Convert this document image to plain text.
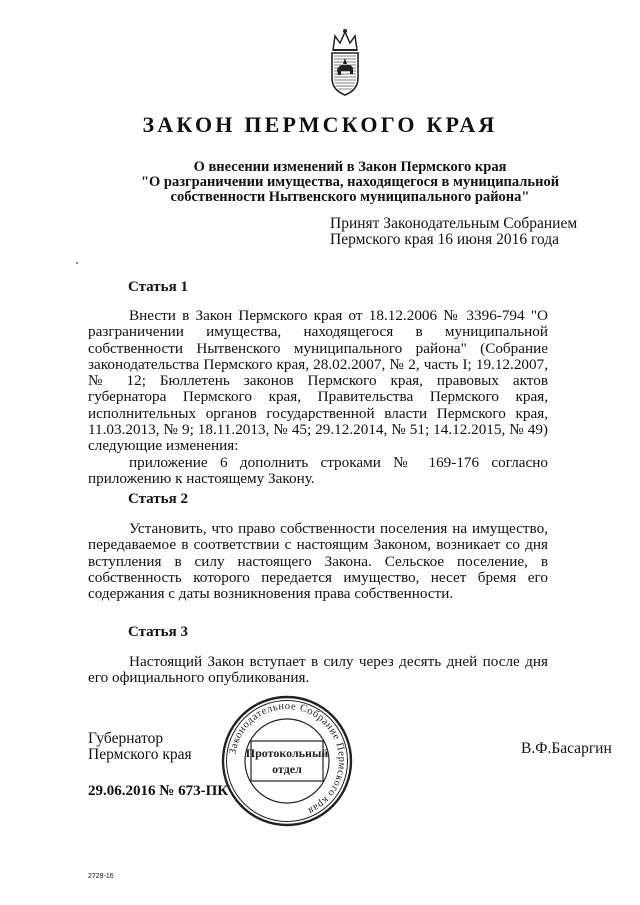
ЗАКОН ПЕРМСКОГО КРАЯ
О внесении изменений в Закон Пермского края
"О разграничении имущества, находящегося в муниципальной
собственности Нытвенского муниципального района"
Принят Законодательным Собранием
Пермского края 16 июня 2016 года
Статья 1

Внести в Закон Пермского края от 18.12.2006 № 3396-794 "О разграничении имущества, находящегося в муниципальной собственности Нытвенского муниципального района" (Собрание законодательства Пермского края, 28.02.2007, № 2, часть I; 19.12.2007, № 12; Бюллетень законов Пермского края, правовых актов губернатора Пермского края, Правительства Пермского края, исполнительных органов государственной власти Пермского края, 11.03.2013, № 9; 18.11.2013, № 45; 29.12.2014, № 51; 14.12.2015, № 49) следующие изменения:

приложение 6 дополнить строками № 169-176 согласно приложению к настоящему Закону.

Статья 2

Установить, что право собственности поселения на имущество, передаваемое в соответствии с настоящим Законом, возникает со дня вступления в силу настоящего Закона. Сельское поселение, в собственность которого передается имущество, несет бремя его содержания с даты возникновения права собственности.

Статья 3

Настоящий Закон вступает в силу через десять дней после дня его официального опубликования.

Губернатор
Пермского края	В.Ф.Басаргин
29.06.2016 № 673-ПК
Законодательное Собрание Пермского края
Протокольный
отдел
2729-16
